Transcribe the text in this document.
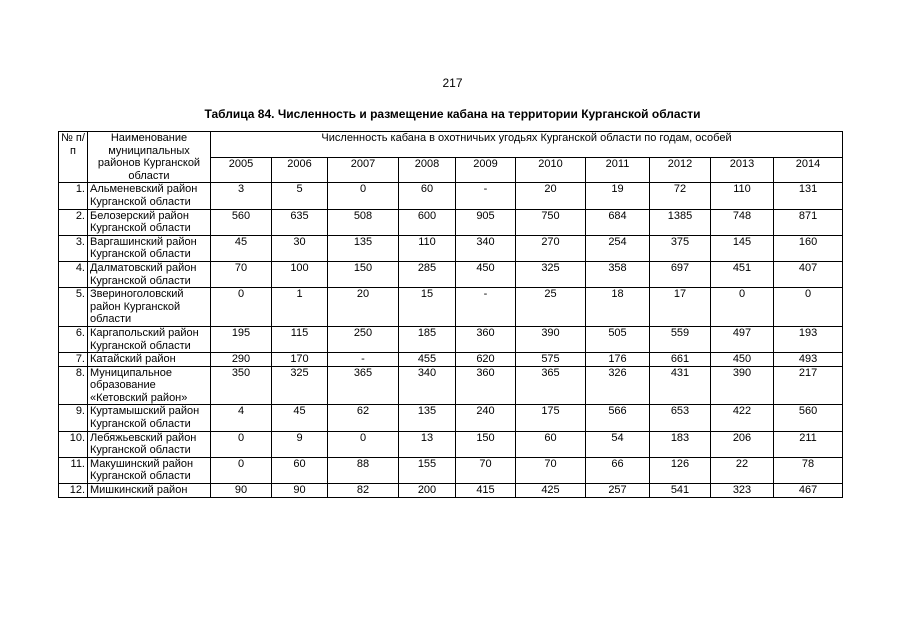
217
Таблица 84. Численность и размещение кабана на территории Курганской области
№ п/п	Наименование муниципальных районов Курганской области	Численность кабана в охотничьих угодьях Курганской области по годам, особей									
		2005	2006	2007	2008	2009	2010	2011	2012	2013	2014
1.	Альменевский район Курганской области	3	5	0	60	-	20	19	72	110	131
2.	Белозерский район Курганской области	560	635	508	600	905	750	684	1385	748	871
3.	Варгашинский район Курганской области	45	30	135	110	340	270	254	375	145	160
4.	Далматовский район Курганской области	70	100	150	285	450	325	358	697	451	407
5.	Звериноголовский район Курганской области	0	1	20	15	-	25	18	17	0	0
6.	Каргапольский район Курганской области	195	115	250	185	360	390	505	559	497	193
7.	Катайский район	290	170	-	455	620	575	176	661	450	493
8.	Муниципальное образование «Кетовский район»	350	325	365	340	360	365	326	431	390	217
9.	Куртамышский район Курганской области	4	45	62	135	240	175	566	653	422	560
10.	Лебяжьевский район Курганской области	0	9	0	13	150	60	54	183	206	211
11.	Макушинский район Курганской области	0	60	88	155	70	70	66	126	22	78
12.	Мишкинский район	90	90	82	200	415	425	257	541	323	467
